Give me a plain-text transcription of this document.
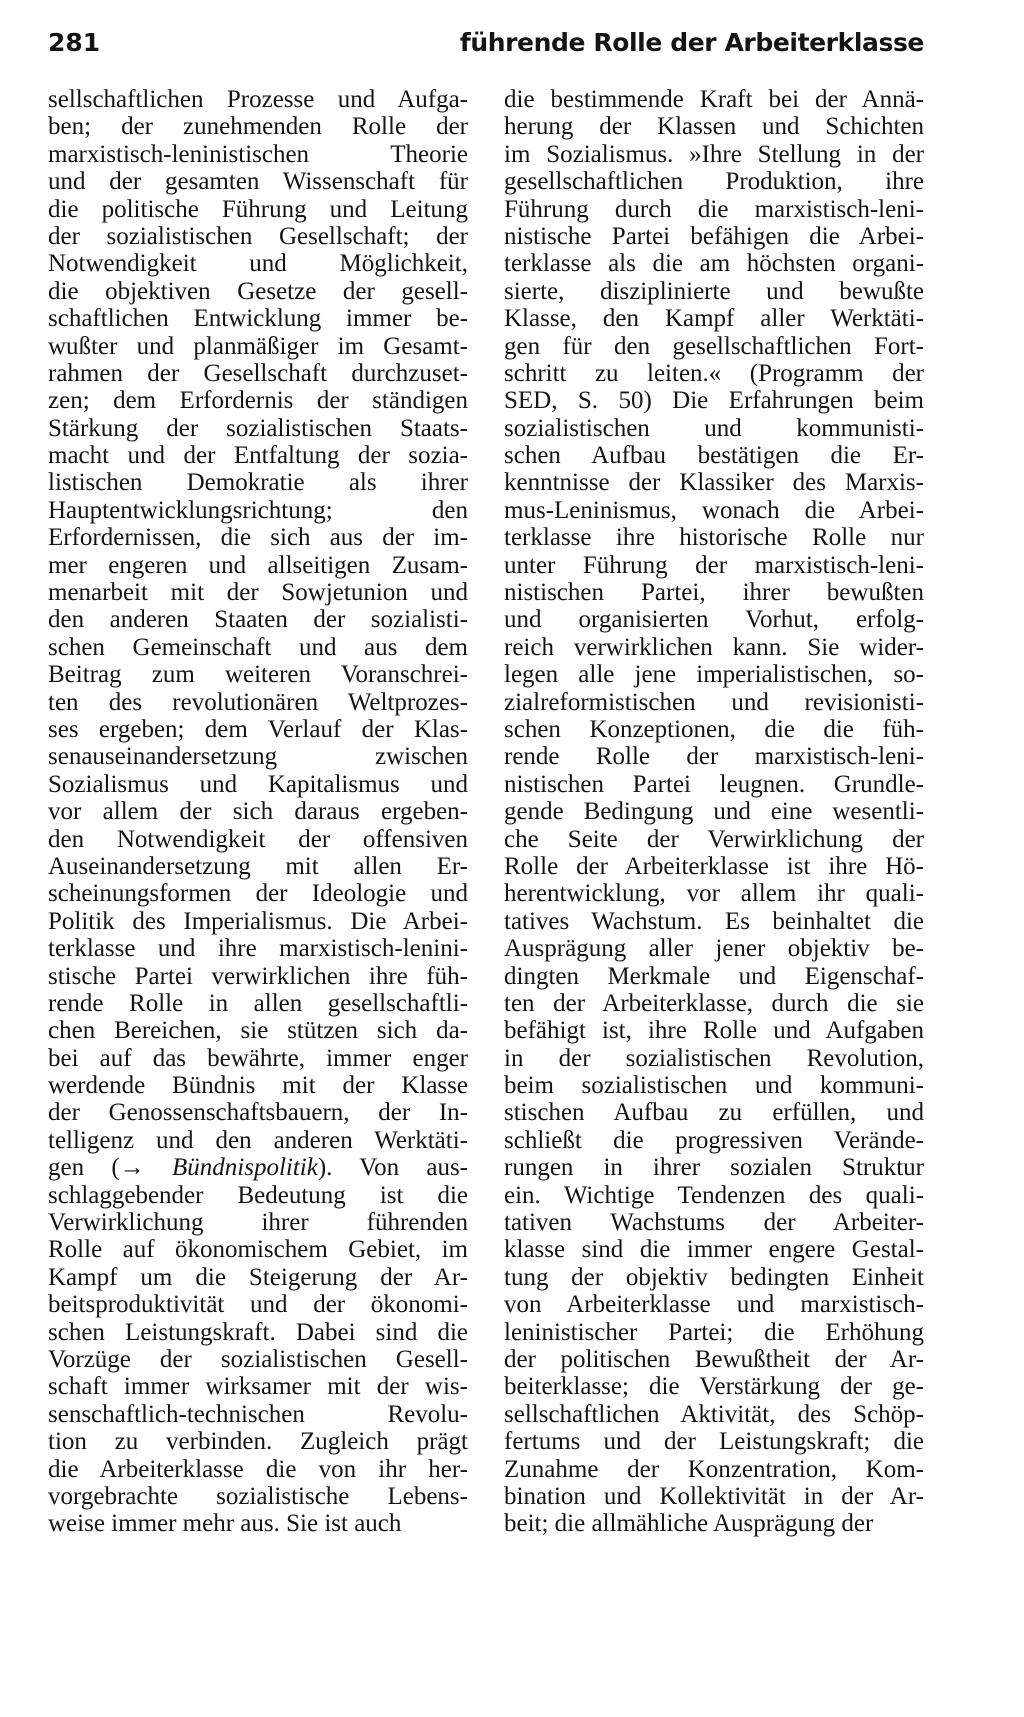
281	führende Rolle der Arbeiterklasse
sellschaftlichen Prozesse und Aufga-
ben; der zunehmenden Rolle der
marxistisch-leninistischen Theorie
und der gesamten Wissenschaft für
die politische Führung und Leitung
der sozialistischen Gesellschaft; der
Notwendigkeit und Möglichkeit,
die objektiven Gesetze der gesell-
schaftlichen Entwicklung immer be-
wußter und planmäßiger im Gesamt-
rahmen der Gesellschaft durchzuset-
zen; dem Erfordernis der ständigen
Stärkung der sozialistischen Staats-
macht und der Entfaltung der sozia-
listischen Demokratie als ihrer
Hauptentwicklungsrichtung; den
Erfordernissen, die sich aus der im-
mer engeren und allseitigen Zusam-
menarbeit mit der Sowjetunion und
den anderen Staaten der sozialisti-
schen Gemeinschaft und aus dem
Beitrag zum weiteren Voranschrei-
ten des revolutionären Weltprozes-
ses ergeben; dem Verlauf der Klas-
senauseinandersetzung zwischen
Sozialismus und Kapitalismus und
vor allem der sich daraus ergeben-
den Notwendigkeit der offensiven
Auseinandersetzung mit allen Er-
scheinungsformen der Ideologie und
Politik des Imperialismus. Die Arbei-
terklasse und ihre marxistisch-lenini-
stische Partei verwirklichen ihre füh-
rende Rolle in allen gesellschaftli-
chen Bereichen, sie stützen sich da-
bei auf das bewährte, immer enger
werdende Bündnis mit der Klasse
der Genossenschaftsbauern, der In-
telligenz und den anderen Werktäti-
gen (→ Bündnispolitik). Von aus-
schlaggebender Bedeutung ist die
Verwirklichung ihrer führenden
Rolle auf ökonomischem Gebiet, im
Kampf um die Steigerung der Ar-
beitsproduktivität und der ökonomi-
schen Leistungskraft. Dabei sind die
Vorzüge der sozialistischen Gesell-
schaft immer wirksamer mit der wis-
senschaftlich-technischen Revolu-
tion zu verbinden. Zugleich prägt
die Arbeiterklasse die von ihr her-
vorgebrachte sozialistische Lebens-
weise immer mehr aus. Sie ist auch
die bestimmende Kraft bei der Annä-
herung der Klassen und Schichten
im Sozialismus. »Ihre Stellung in der
gesellschaftlichen Produktion, ihre
Führung durch die marxistisch-leni-
nistische Partei befähigen die Arbei-
terklasse als die am höchsten organi-
sierte, disziplinierte und bewußte
Klasse, den Kampf aller Werktäti-
gen für den gesellschaftlichen Fort-
schritt zu leiten.« (Programm der
SED, S. 50) Die Erfahrungen beim
sozialistischen und kommunisti-
schen Aufbau bestätigen die Er-
kenntnisse der Klassiker des Marxis-
mus-Leninismus, wonach die Arbei-
terklasse ihre historische Rolle nur
unter Führung der marxistisch-leni-
nistischen Partei, ihrer bewußten
und organisierten Vorhut, erfolg-
reich verwirklichen kann. Sie wider-
legen alle jene imperialistischen, so-
zialreformistischen und revisionisti-
schen Konzeptionen, die die füh-
rende Rolle der marxistisch-leni-
nistischen Partei leugnen. Grundle-
gende Bedingung und eine wesentli-
che Seite der Verwirklichung der
Rolle der Arbeiterklasse ist ihre Hö-
herentwicklung, vor allem ihr quali-
tatives Wachstum. Es beinhaltet die
Ausprägung aller jener objektiv be-
dingten Merkmale und Eigenschaf-
ten der Arbeiterklasse, durch die sie
befähigt ist, ihre Rolle und Aufgaben
in der sozialistischen Revolution,
beim sozialistischen und kommuni-
stischen Aufbau zu erfüllen, und
schließt die progressiven Verände-
rungen in ihrer sozialen Struktur
ein. Wichtige Tendenzen des quali-
tativen Wachstums der Arbeiter-
klasse sind die immer engere Gestal-
tung der objektiv bedingten Einheit
von Arbeiterklasse und marxistisch-
leninistischer Partei; die Erhöhung
der politischen Bewußtheit der Ar-
beiterklasse; die Verstärkung der ge-
sellschaftlichen Aktivität, des Schöp-
fertums und der Leistungskraft; die
Zunahme der Konzentration, Kom-
bination und Kollektivität in der Ar-
beit; die allmähliche Ausprägung der
